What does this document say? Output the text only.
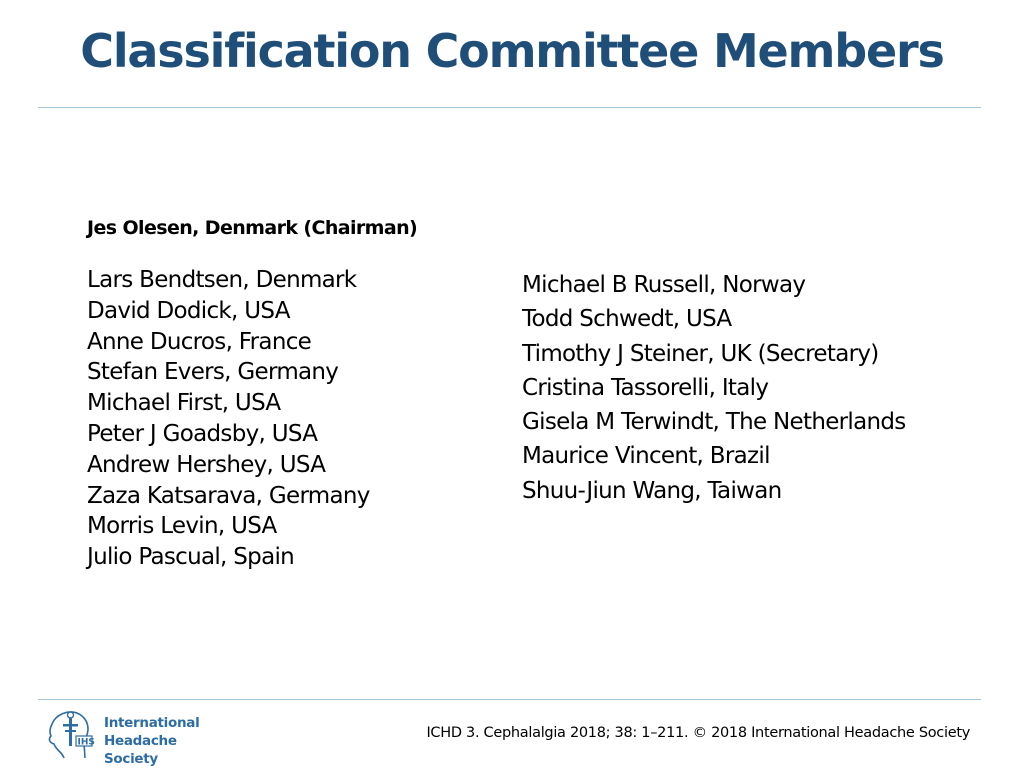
Classification Committee Members

Jes Olesen, Denmark (Chairman)

Lars Bendtsen, Denmark
David Dodick, USA
Anne Ducros, France
Stefan Evers, Germany
Michael First, USA
Peter J Goadsby, USA
Andrew Hershey, USA
Zaza Katsarava, Germany
Morris Levin, USA
Julio Pascual, Spain
Michael B Russell, Norway
Todd Schwedt, USA
Timothy J Steiner, UK (Secretary)
Cristina Tassorelli, Italy
Gisela M Terwindt, The Netherlands
Maurice Vincent, Brazil
Shuu-Jiun Wang, Taiwan
IHS

International
Headache Society

ICHD 3. Cephalalgia 2018; 38: 1–211. © 2018 International Headache Society
